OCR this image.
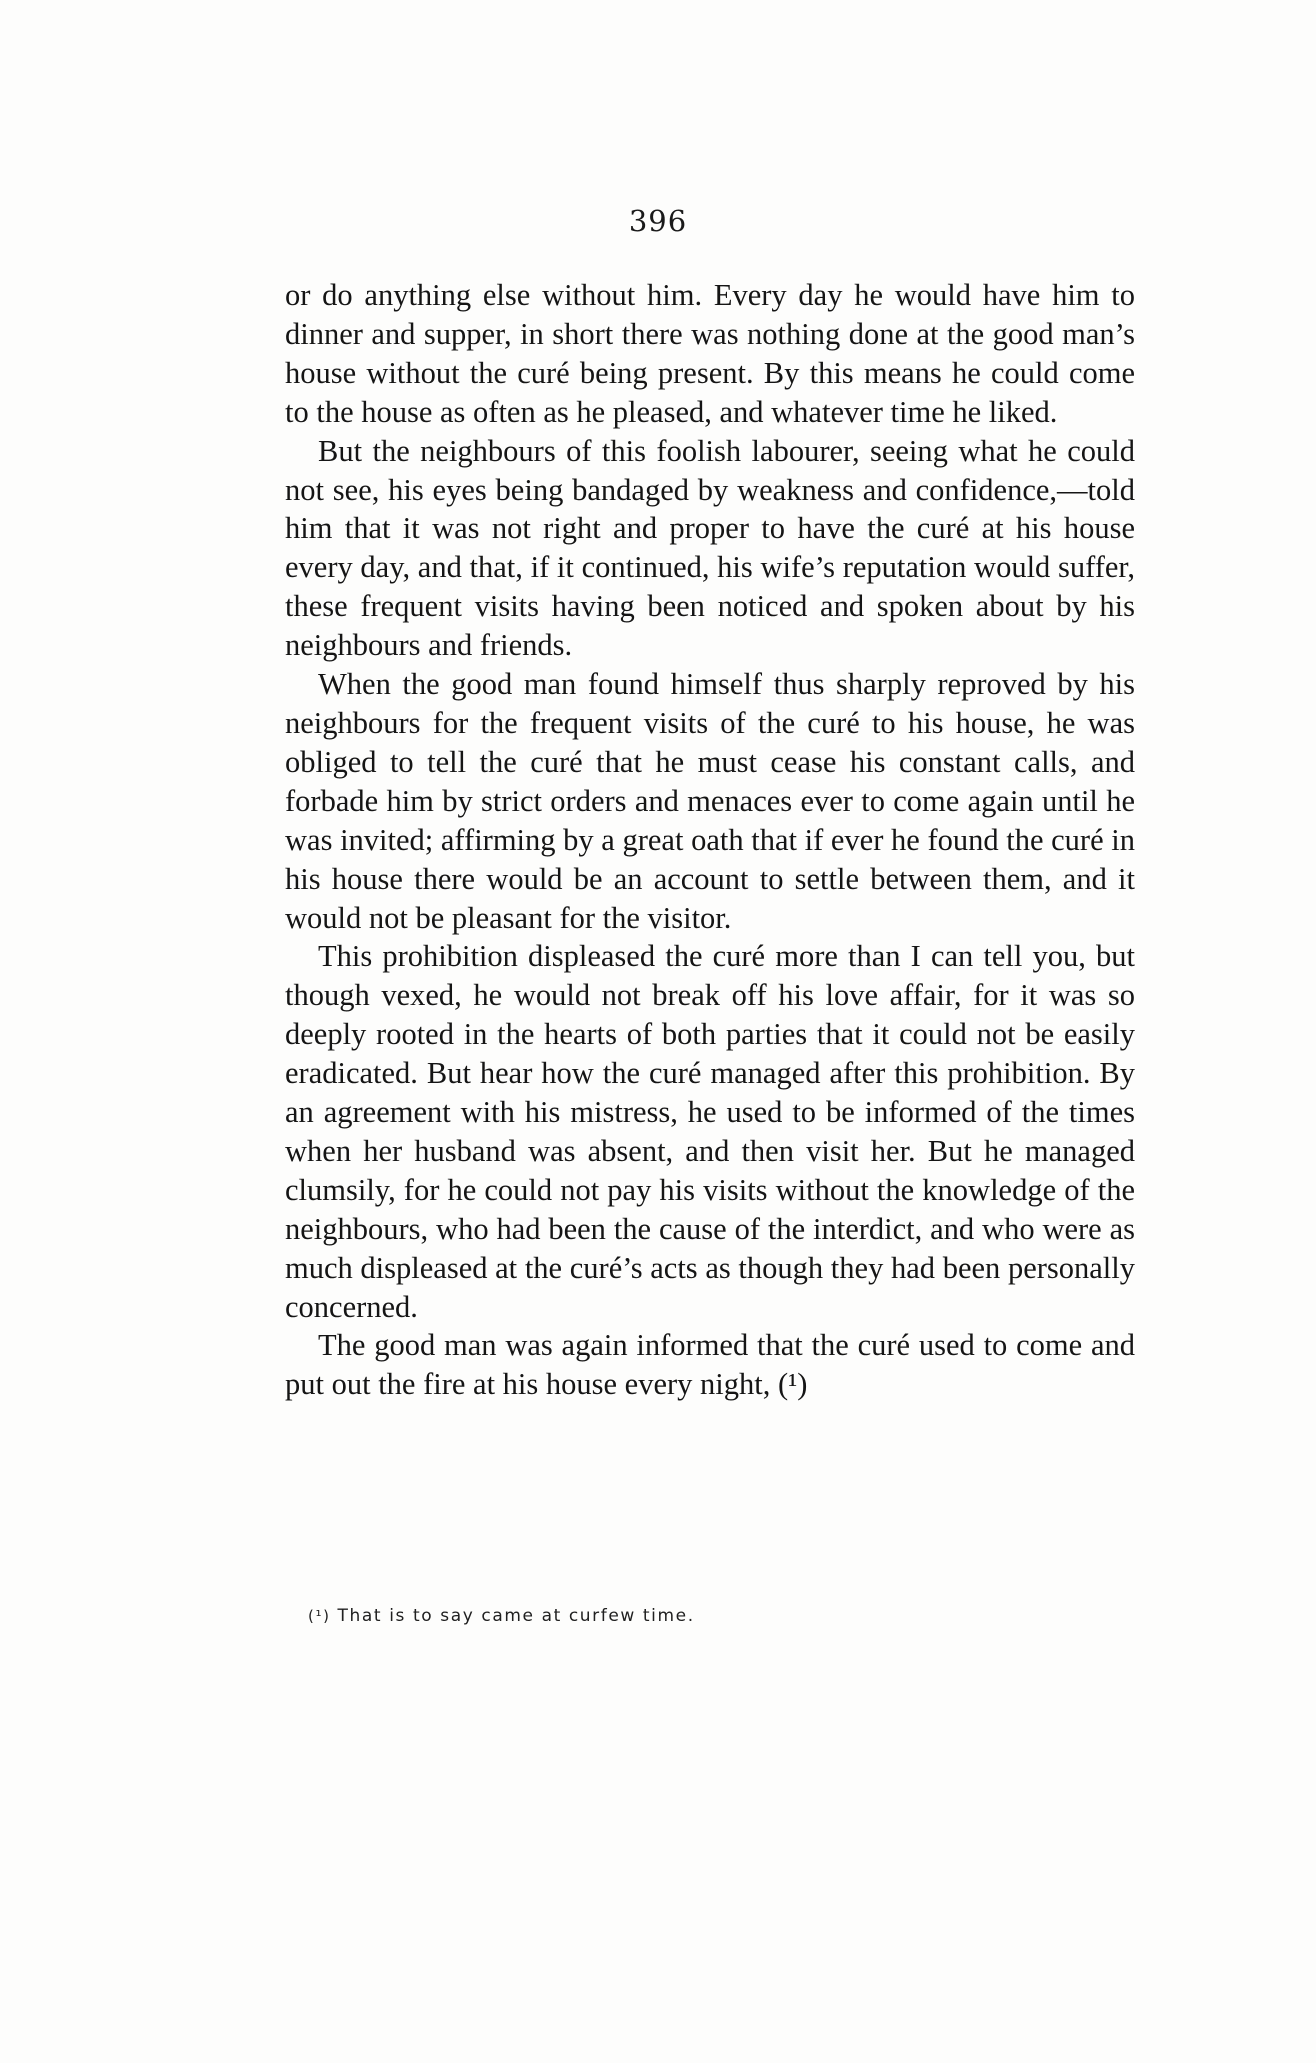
396

or do anything else without him. Every day he would have him to dinner and supper, in short there was nothing done at the good man’s house without the curé being present. By this means he could come to the house as often as he pleased, and whatever time he liked.

But the neighbours of this foolish labourer, seeing what he could not see, his eyes being bandaged by weakness and confidence,—told him that it was not right and proper to have the curé at his house every day, and that, if it continued, his wife’s reputation would suffer, these frequent visits having been noticed and spoken about by his neighbours and friends.

When the good man found himself thus sharply reproved by his neighbours for the frequent visits of the curé to his house, he was obliged to tell the curé that he must cease his constant calls, and forbade him by strict orders and menaces ever to come again until he was invited; affirming by a great oath that if ever he found the curé in his house there would be an account to settle between them, and it would not be pleasant for the visitor.

This prohibition displeased the curé more than I can tell you, but though vexed, he would not break off his love affair, for it was so deeply rooted in the hearts of both parties that it could not be easily eradicated. But hear how the curé managed after this prohibition. By an agreement with his mistress, he used to be informed of the times when her husband was absent, and then visit her. But he managed clumsily, for he could not pay his visits without the knowledge of the neighbours, who had been the cause of the interdict, and who were as much displeased at the curé’s acts as though they had been personally concerned.

The good man was again informed that the curé used to come and put out the fire at his house every night, (¹)

(¹) That is to say came at curfew time.
